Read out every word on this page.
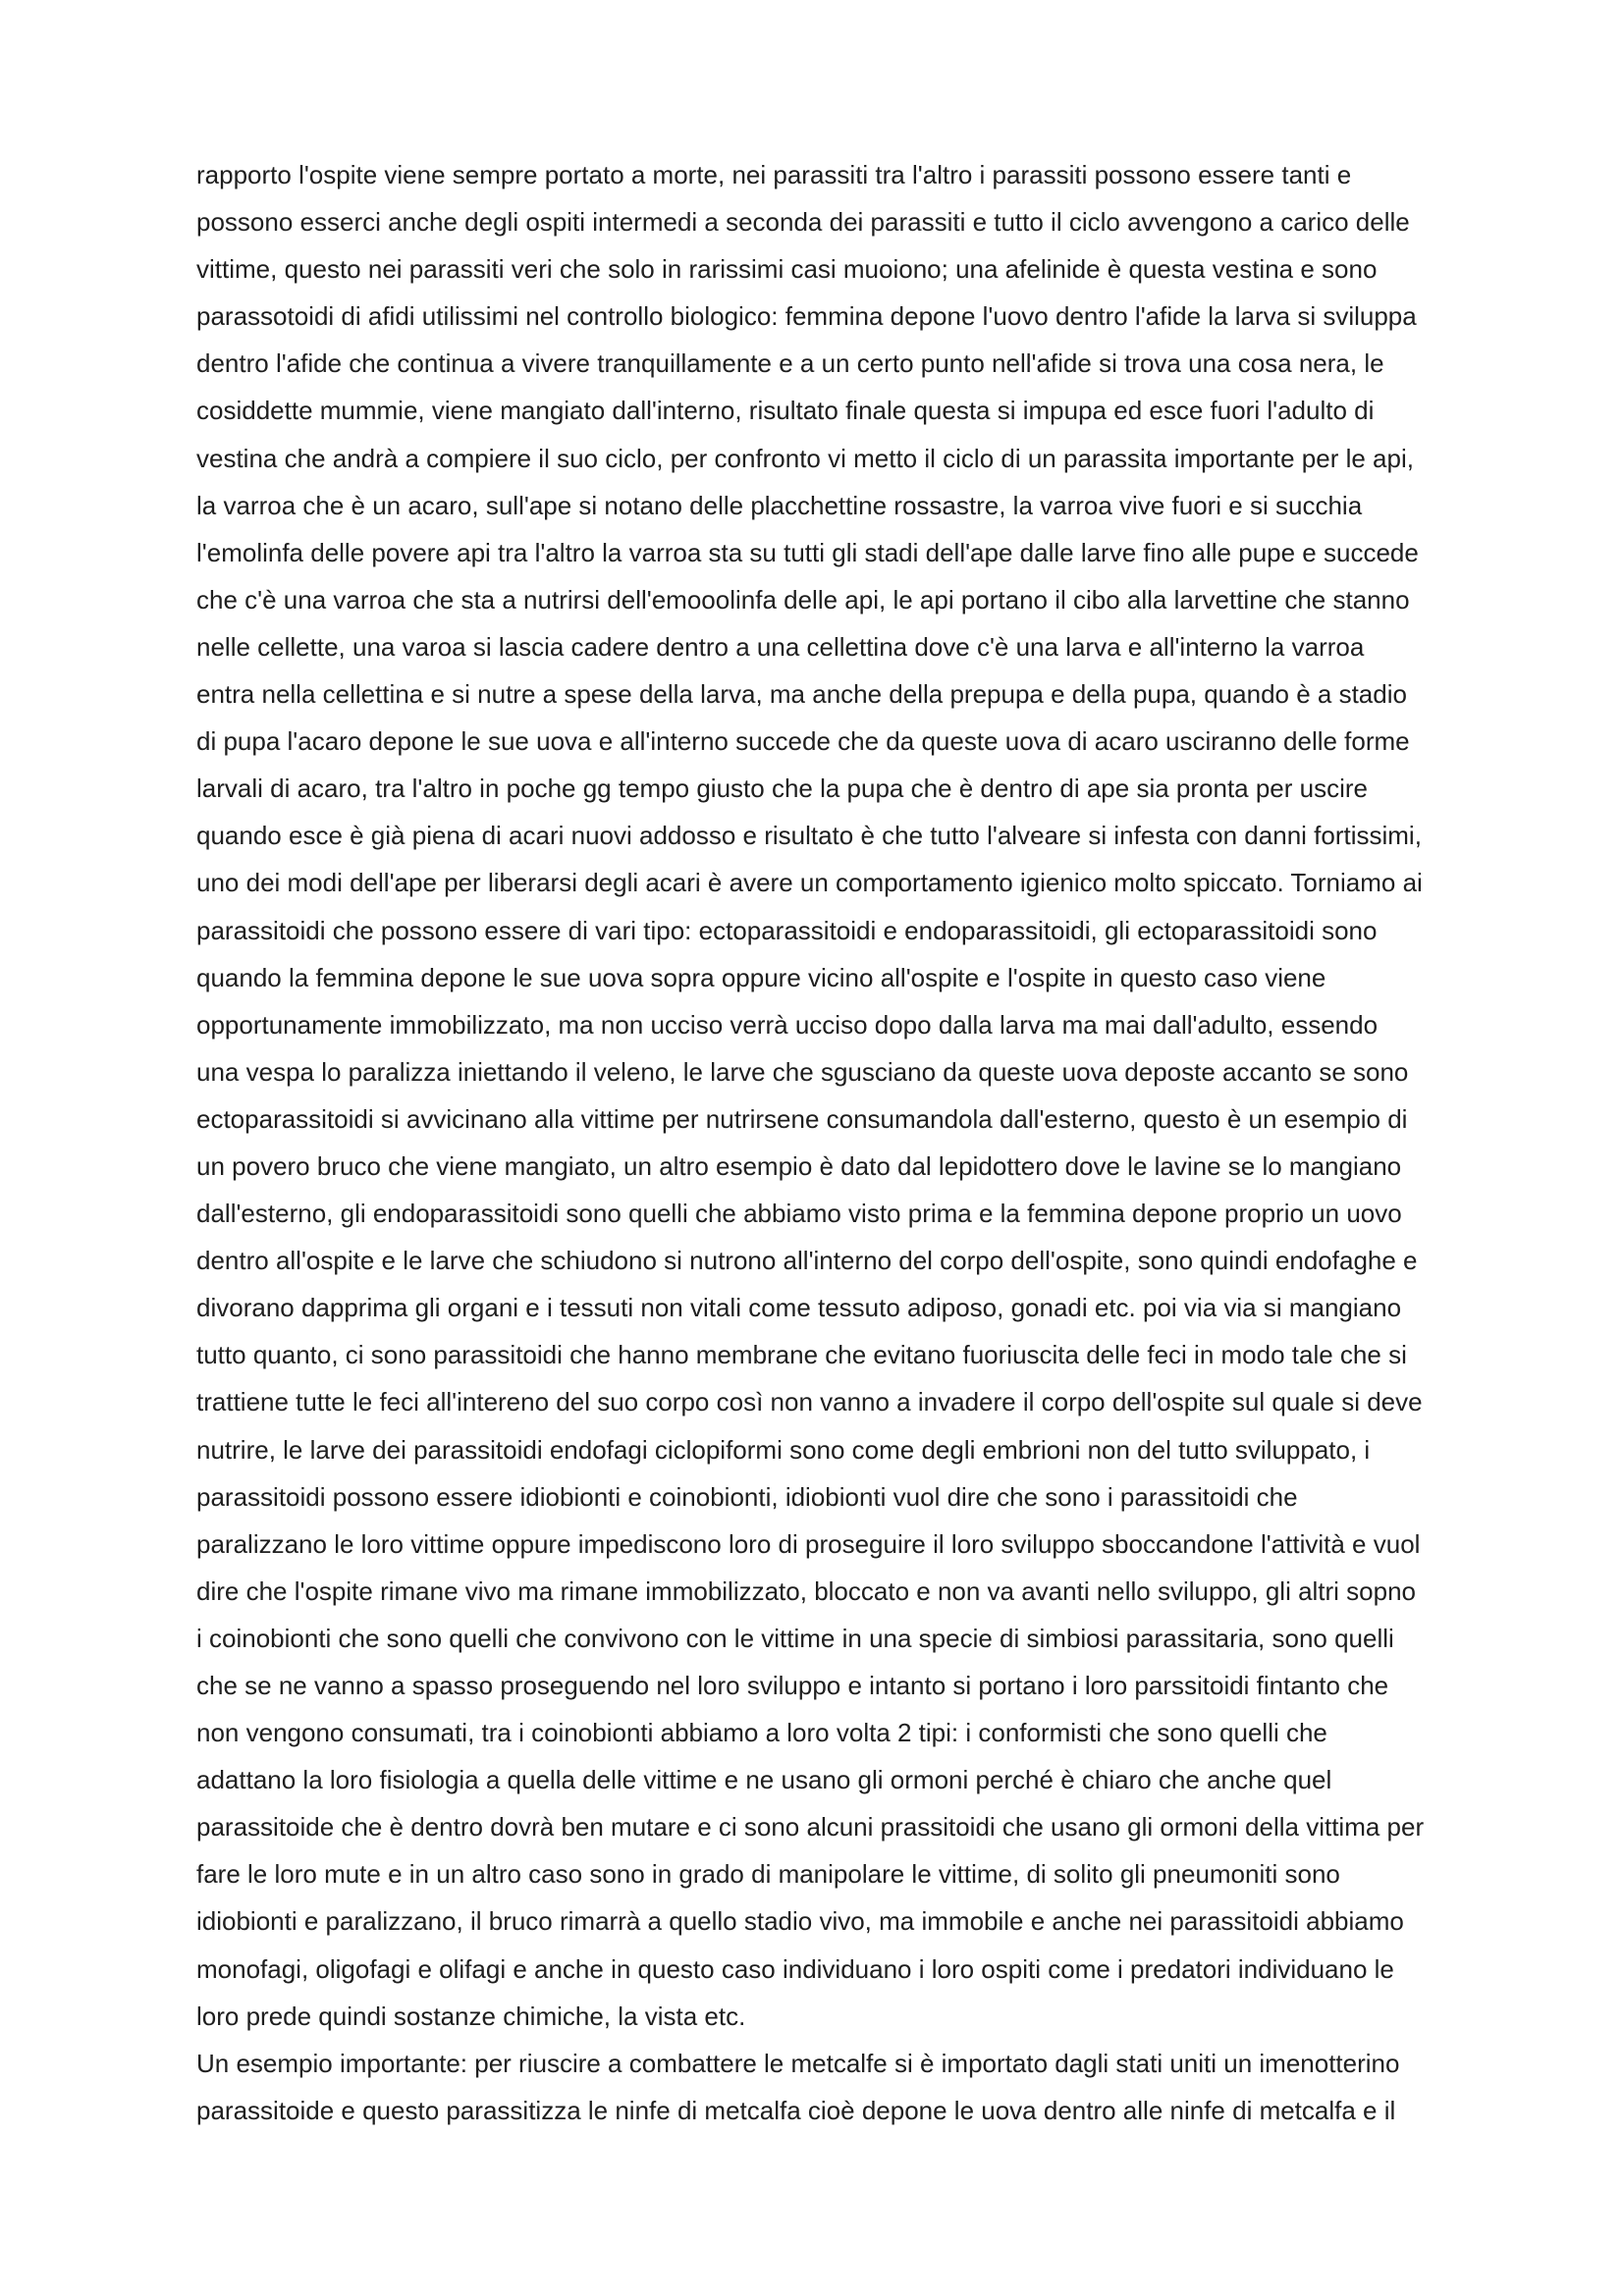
rapporto l'ospite viene sempre portato a morte, nei parassiti tra l'altro i parassiti possono essere tanti e
possono esserci anche degli ospiti intermedi a seconda dei parassiti e tutto il ciclo avvengono a carico delle
vittime, questo nei parassiti veri che solo in rarissimi casi muoiono; una afelinide è questa vestina e sono
parassotoidi di afidi utilissimi nel controllo biologico: femmina depone l'uovo dentro l'afide la larva si sviluppa
dentro l'afide che continua a vivere tranquillamente e a un certo punto nell'afide si trova una cosa nera, le
cosiddette mummie, viene mangiato dall'interno, risultato finale questa si impupa ed esce fuori l'adulto di
vestina che andrà a compiere il suo ciclo, per confronto vi metto il ciclo di un parassita importante per le api,
la varroa che è un acaro, sull'ape si notano delle placchettine rossastre, la varroa vive fuori e si succhia
l'emolinfa delle povere api tra l'altro la varroa sta su tutti gli stadi dell'ape dalle larve fino alle pupe e succede
che c'è una varroa che sta a nutrirsi dell'emooolinfa delle api, le api portano il cibo alla larvettine che stanno
nelle cellette, una varoa si lascia cadere dentro a una cellettina dove c'è una larva e all'interno la varroa
entra nella cellettina e si nutre a spese della larva, ma anche della prepupa e della pupa, quando è a stadio
di pupa l'acaro depone le sue uova e all'interno succede che da queste uova di acaro usciranno delle forme
larvali di acaro, tra l'altro in poche gg tempo giusto che la pupa che è dentro di ape sia pronta per uscire
quando esce è già piena di acari nuovi addosso e risultato è che tutto l'alveare si infesta con danni fortissimi,
uno dei modi dell'ape per liberarsi degli acari è avere un comportamento igienico molto spiccato. Torniamo ai
parassitoidi che possono essere di vari tipo: ectoparassitoidi e endoparassitoidi, gli ectoparassitoidi sono
quando la femmina depone le sue uova sopra oppure vicino all'ospite e l'ospite in questo caso viene
opportunamente immobilizzato, ma non ucciso verrà ucciso dopo dalla larva ma mai dall'adulto, essendo
una vespa lo paralizza iniettando il veleno, le larve che sgusciano da queste uova deposte accanto se sono
ectoparassitoidi si avvicinano alla vittime per nutrirsene consumandola dall'esterno, questo è un esempio di
un povero bruco che viene mangiato, un altro esempio è dato dal lepidottero dove le lavine se lo mangiano
dall'esterno, gli endoparassitoidi sono quelli che abbiamo visto prima e la femmina depone proprio un uovo
dentro all'ospite e le larve che schiudono si nutrono all'interno del corpo dell'ospite, sono quindi endofaghe e
divorano dapprima gli organi e i tessuti non vitali come tessuto adiposo, gonadi etc. poi via via si mangiano
tutto quanto, ci sono parassitoidi che hanno membrane che evitano fuoriuscita delle feci in modo tale che si
trattiene tutte le feci all'intereno del suo corpo così non vanno a invadere il corpo dell'ospite sul quale si deve
nutrire, le larve dei parassitoidi endofagi ciclopiformi sono come degli embrioni non del tutto sviluppato, i
parassitoidi possono essere idiobionti e coinobionti, idiobionti vuol dire che sono i parassitoidi che
paralizzano le loro vittime oppure impediscono loro di proseguire il loro sviluppo sboccandone l'attività e vuol
dire che l'ospite rimane vivo ma rimane immobilizzato, bloccato e non va avanti nello sviluppo, gli altri sopno
i coinobionti che sono quelli che convivono con le vittime in una specie di simbiosi parassitaria, sono quelli
che se ne vanno a spasso proseguendo nel loro sviluppo e intanto si portano i loro parssitoidi fintanto che
non vengono consumati, tra i coinobionti abbiamo a loro volta 2 tipi: i conformisti che sono quelli che
adattano la loro fisiologia a quella delle vittime e ne usano gli ormoni perché è chiaro che anche quel
parassitoide che è dentro dovrà ben mutare e ci sono alcuni prassitoidi che usano gli ormoni della vittima per
fare le loro mute e in un altro caso sono in grado di manipolare le vittime, di solito gli pneumoniti sono
idiobionti e paralizzano, il bruco rimarrà a quello stadio vivo, ma immobile e anche nei parassitoidi abbiamo
monofagi, oligofagi e olifagi e anche in questo caso individuano i loro ospiti come i predatori individuano le
loro prede quindi sostanze chimiche, la vista etc.
Un esempio importante: per riuscire a combattere le metcalfe si è importato dagli stati uniti un imenotterino
parassitoide e questo parassitizza le ninfe di metcalfa cioè depone le uova dentro alle ninfe di metcalfa e il
